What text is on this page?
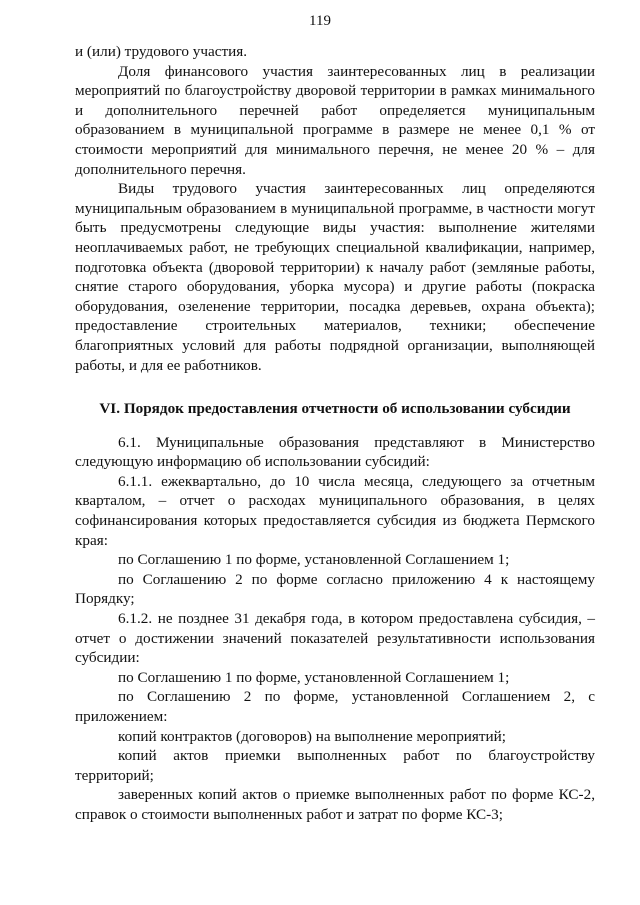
119

и (или) трудового участия.

Доля финансового участия заинтересованных лиц в реализации мероприятий по благоустройству дворовой территории в рамках минимального и дополнительного перечней работ определяется муниципальным образованием в муниципальной программе в размере не менее 0,1 % от стоимости мероприятий для минимального перечня, не менее 20 % – для дополнительного перечня.

Виды трудового участия заинтересованных лиц определяются муниципальным образованием в муниципальной программе, в частности могут быть предусмотрены следующие виды участия: выполнение жителями неоплачиваемых работ, не требующих специальной квалификации, например, подготовка объекта (дворовой территории) к началу работ (земляные работы, снятие старого оборудования, уборка мусора) и другие работы (покраска оборудования, озеленение территории, посадка деревьев, охрана объекта); предоставление строительных материалов, техники; обеспечение благоприятных условий для работы подрядной организации, выполняющей работы, и для ее работников.

VI. Порядок предоставления отчетности об использовании субсидии

6.1. Муниципальные образования представляют в Министерство следующую информацию об использовании субсидий:

6.1.1. ежеквартально, до 10 числа месяца, следующего за отчетным кварталом, – отчет о расходах муниципального образования, в целях софинансирования которых предоставляется субсидия из бюджета Пермского края:

по Соглашению 1 по форме, установленной Соглашением 1;

по Соглашению 2 по форме согласно приложению 4 к настоящему Порядку;

6.1.2. не позднее 31 декабря года, в котором предоставлена субсидия, – отчет о достижении значений показателей результативности использования субсидии:

по Соглашению 1 по форме, установленной Соглашением 1;

по Соглашению 2 по форме, установленной Соглашением 2, с приложением:

копий контрактов (договоров) на выполнение мероприятий;

копий актов приемки выполненных работ по благоустройству территорий;

заверенных копий актов о приемке выполненных работ по форме КС-2, справок о стоимости выполненных работ и затрат по форме КС-3;
